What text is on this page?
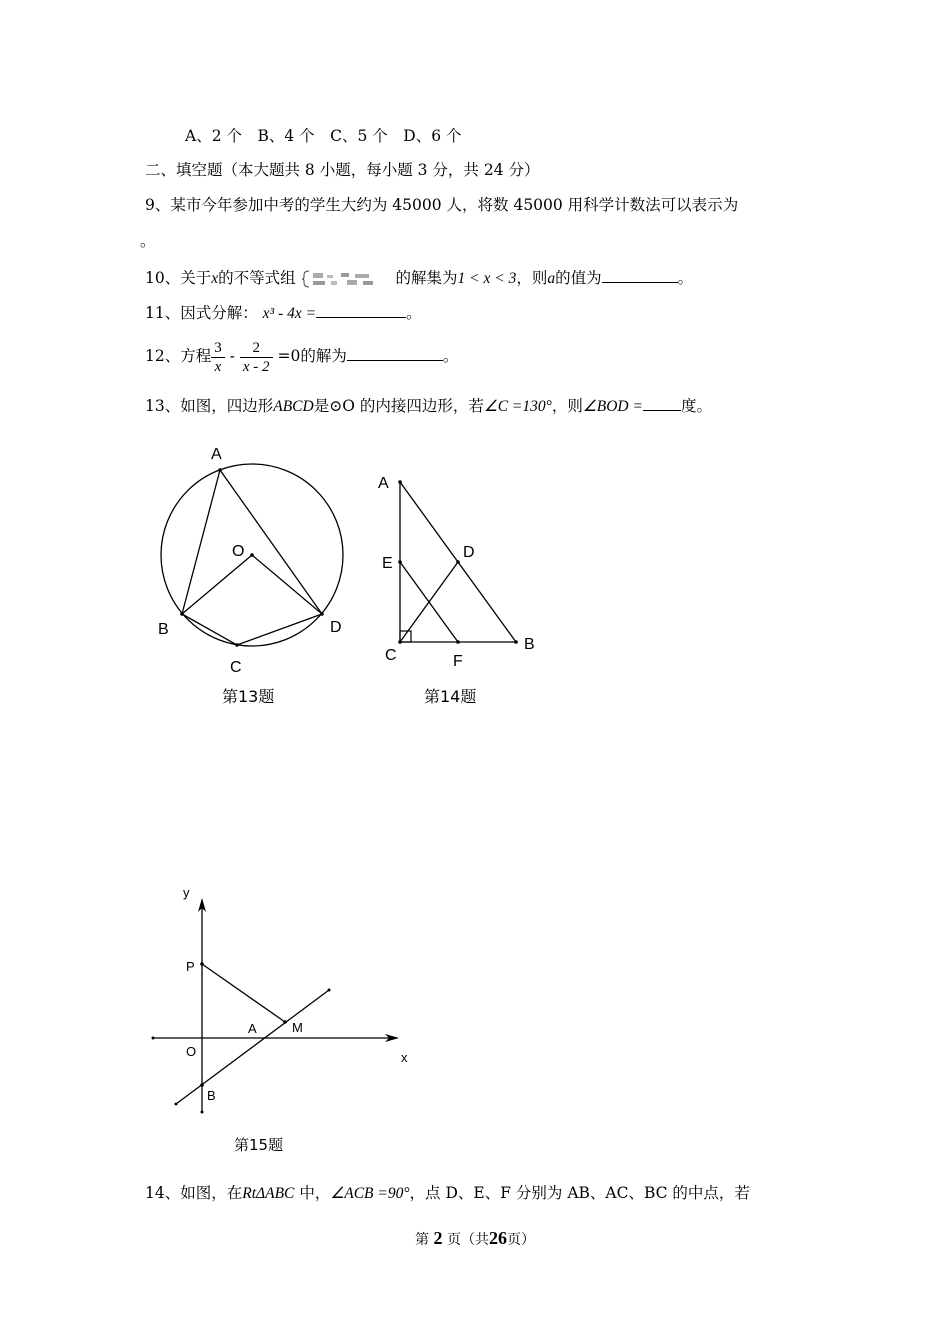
A、2 个　B、4 个　C、5 个　D、6 个
二、填空题（本大题共 8 小题，每小题 3 分，共 24 分）
9、某市今年参加中考的学生大约为 45000 人，将数 45000 用科学计数法可以表示为
。
10、关于x的不等式组	的解集为1 < x < 3，则a的值为	。
11、因式分解： x³ - 4x =	。
12、方程 $\frac{3}{x} - \frac{2}{x - 2} =0$的解为	。
13、如图，四边形ABCD是⊙O 的内接四边形，若∠C =130°，则∠BOD = 度。
A
O
B
C
D
第13题
A
E
D
C	F
B
第14题
y
P
A	M
O	x
B
第15题
14、如图，在RtΔABC 中，∠ACB =90°，点 D、E、F 分别为 AB、AC、BC 的中点，若
第 2 页（共26页）
